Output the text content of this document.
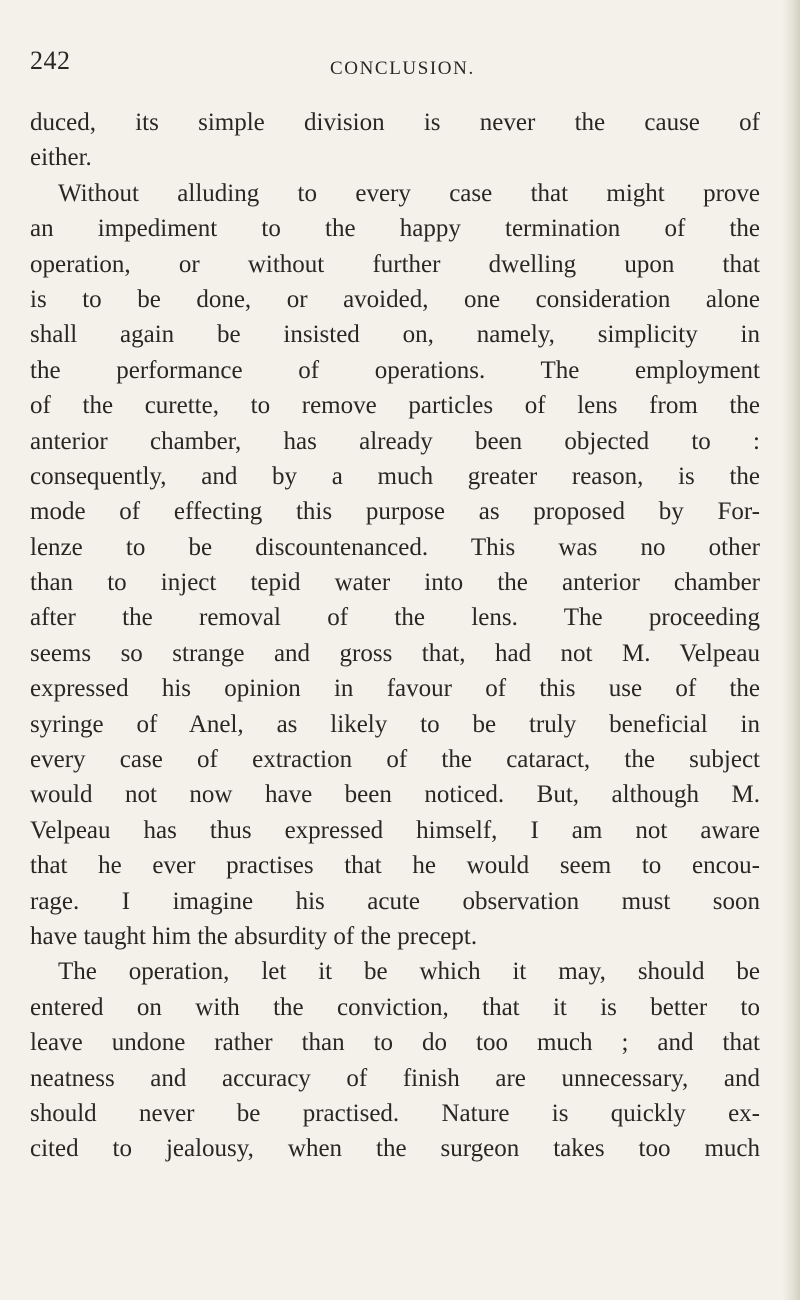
242	CONCLUSION.
duced, its simple division is never the cause of
either.
Without alluding to every case that might prove
an impediment to the happy termination of the
operation, or without further dwelling upon that
is to be done, or avoided, one consideration alone
shall again be insisted on, namely, simplicity in
the performance of operations. The employment
of the curette, to remove particles of lens from the
anterior chamber, has already been objected to :
consequently, and by a much greater reason, is the
mode of effecting this purpose as proposed by For-
lenze to be discountenanced. This was no other
than to inject tepid water into the anterior chamber
after the removal of the lens. The proceeding
seems so strange and gross that, had not M. Velpeau
expressed his opinion in favour of this use of the
syringe of Anel, as likely to be truly beneficial in
every case of extraction of the cataract, the subject
would not now have been noticed. But, although M.
Velpeau has thus expressed himself, I am not aware
that he ever practises that he would seem to encou-
rage. I imagine his acute observation must soon
have taught him the absurdity of the precept.
The operation, let it be which it may, should be
entered on with the conviction, that it is better to
leave undone rather than to do too much ; and that
neatness and accuracy of finish are unnecessary, and
should never be practised. Nature is quickly ex-
cited to jealousy, when the surgeon takes too much
